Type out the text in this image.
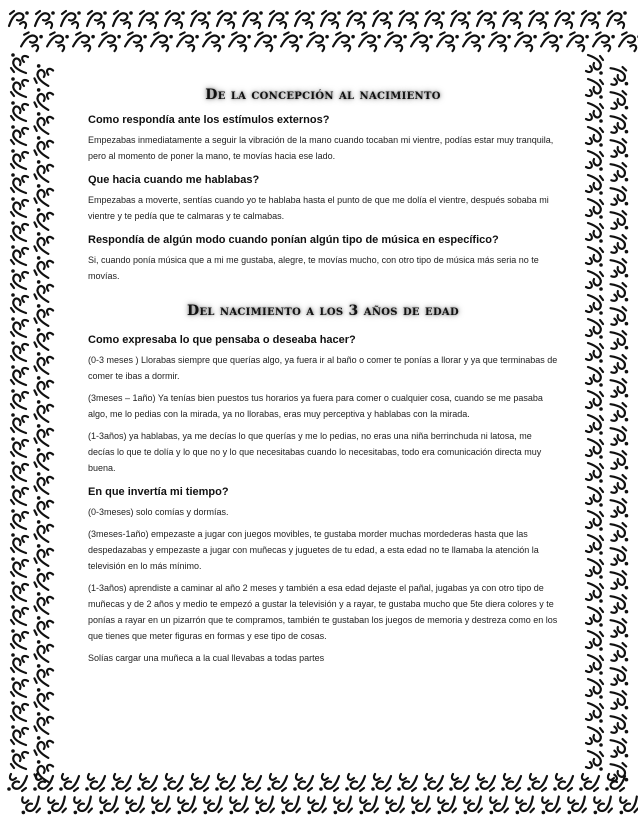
De la concepción al nacimiento
Como respondía ante los estímulos externos?
Empezabas inmediatamente a seguir la vibración de la mano cuando tocaban mi vientre, podías estar muy tranquila, pero al momento de poner la mano, te movías hacia ese lado.
Que hacia cuando me hablabas?
Empezabas a moverte, sentías cuando yo te hablaba hasta el punto de que me dolía el vientre, después sobaba mi vientre y te pedía que te calmaras y te calmabas.
Respondía de algún modo cuando ponían algún tipo de música en específico?
Si, cuando ponía música que a mi me gustaba, alegre, te movías mucho, con otro tipo de música más seria no te movías.
Del nacimiento a los 3 años de edad
Como expresaba lo que pensaba o deseaba hacer?
(0-3 meses ) Llorabas siempre que querías algo, ya fuera ir al baño o comer te ponías a llorar y ya que terminabas de comer te ibas a dormir.
(3meses – 1año) Ya tenías bien puestos tus horarios ya fuera para comer o cualquier cosa, cuando se me pasaba algo, me lo pedias con la mirada, ya no llorabas, eras muy perceptiva y hablabas con la mirada.
(1-3años) ya hablabas, ya me decías lo que querías y me lo pedias, no eras una niña berrinchuda ni latosa, me decías lo que te dolía y lo que no y lo que necesitabas cuando lo necesitabas, todo era comunicación directa muy buena.
En que invertía mi tiempo?
(0-3meses) solo comías y dormías.
(3meses-1año) empezaste a jugar con juegos movibles, te gustaba morder muchas mordederas hasta que las despedazabas y empezaste a jugar con muñecas y juguetes de tu edad, a esta edad no te llamaba la atención la televisión en lo más mínimo.
(1-3años) aprendiste a caminar al año 2 meses y también a esa edad dejaste el pañal, jugabas ya con otro tipo de muñecas y de 2 años y medio te empezó a gustar la televisión y a rayar, te gustaba mucho que 5te diera colores y te ponías a rayar en un pizarrón que te compramos, también te gustaban los juegos de memoria y destreza como en los que tienes que meter figuras en formas y ese tipo de cosas.
Solías cargar una muñeca a la cual llevabas a todas partes
